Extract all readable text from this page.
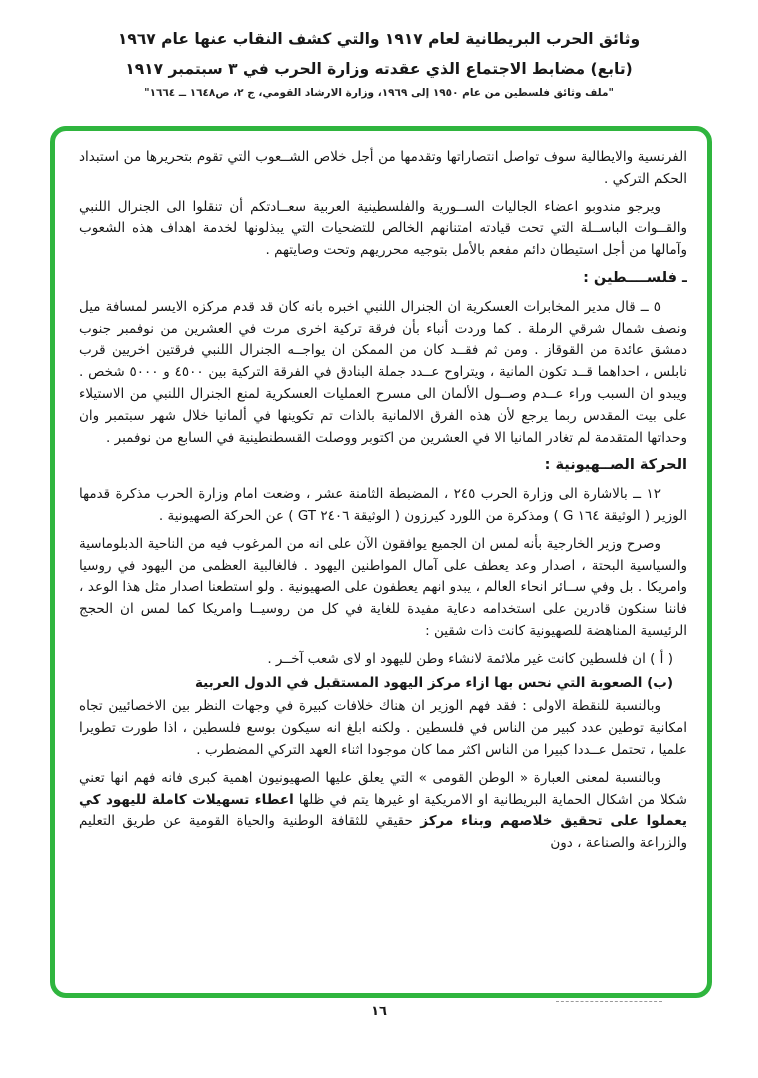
وثائق الحرب البريطانية لعام ١٩١٧ والتي كشف النقاب عنها عام ١٩٦٧
(تابع) مضابط الاجتماع الذي عقدته وزارة الحرب في ٣ سبتمبر ١٩١٧
"ملف وثائق فلسطين من عام ١٩٥٠ إلى ١٩٦٩، وزارة الارشاد القومي، ج ٢، ص١٦٤٨ ــ ١٦٦٤"

الفرنسية والايطالية سوف تواصل انتصاراتها وتقدمها من أجل خلاص الشــعوب التي تقوم بتحريرها من استبداد الحكم التركي .

ويرجو مندوبو اعضاء الجاليات الســورية والفلسطينية العربية سعــادتكم أن تنقلوا الى الجنرال اللنبي والقــوات الباســلة التي تحت قيادته امتنانهم الخالص للتضحيات التي يبذلونها لخدمة اهداف هذه الشعوب وآمالها من أجل استيطان دائم مفعم بالأمل بتوجيه محرريهم وتحت وصايتهم .

ـ فلســــطين :

٥ ــ قال مدير المخابرات العسكرية ان الجنرال اللنبي اخبره بانه كان قد قدم مركزه الايسر لمسافة ميل ونصف شمال شرقي الرملة . كما وردت أنباء بأن فرقة تركية اخرى مرت في العشرين من نوفمبر جنوب دمشق عائدة من القوقاز . ومن ثم فقــد كان من الممكن ان يواجــه الجنرال اللنبي فرقتين اخريين قرب نابلس ، احداهما قــد تكون المانية ، ويتراوح عــدد جملة البنادق في الفرقة التركية بين ٤٥٠٠ و ٥٠٠٠ شخص . ويبدو ان السبب وراء عــدم وصــول الألمان الى مسرح العمليات العسكرية لمنع الجنرال اللنبي من الاستيلاء على بيت المقدس ربما يرجع لأن هذه الفرق الالمانية بالذات تم تكوينها في ألمانيا خلال شهر سبتمبر وان وحداتها المتقدمة لم تغادر المانيا الا في العشرين من اكتوبر ووصلت القسطنطينية في السابع من نوفمبر .

الحركة الصــهيونية :

١٢ ــ بالاشارة الى وزارة الحرب ٢٤٥ ، المضبطة الثامنة عشر ، وضعت امام وزارة الحرب مذكرة قدمها الوزير ( الوثيقة ١٦٤ G ) ومذكرة من اللورد كيرزون ( الوثيقة ٢٤٠٦ GT ) عن الحركة الصهيونية .

وصرح وزير الخارجية بأنه لمس ان الجميع يوافقون الآن على انه من المرغوب فيه من الناحية الدبلوماسية والسياسية البحتة ، اصدار وعد يعطف على آمال المواطنين اليهود . فالغالبية العظمى من اليهود في روسيا وامريكا . بل وفي ســائر انحاء العالم ، يبدو انهم يعطفون على الصهيونية . ولو استطعنا اصدار مثل هذا الوعد ، فاننا سنكون قادرين على استخدامه دعاية مفيدة للغاية في كل من روسيــا وامريكا كما لمس ان الحجج الرئيسية المناهضة للصهيونية كانت ذات شقين :

( أ ) ان فلسطين كانت غير ملائمة لانشاء وطن لليهود او لاى شعب آخــر .

(ب) الصعوبة التي نحس بها ازاء مركز اليهود المستقبل في الدول العربية

وبالنسبة للنقطة الاولى : فقد فهم الوزير ان هناك خلافات كبيرة في وجهات النظر بين الاخصائيين تجاه امكانية توطين عدد كبير من الناس في فلسطين . ولكنه ابلغ انه سيكون بوسع فلسطين ، اذا طورت تطويرا علميا ، تحتمل عــددا كبيرا من الناس اكثر مما كان موجودا اثناء العهد التركي المضطرب .

وبالنسبة لمعنى العبارة « الوطن القومى » التي يعلق عليها الصهيونيون اهمية كبرى فانه فهم انها تعني شكلا من اشكال الحماية البريطانية او الامريكية او غيرها يتم في ظلها اعطاء تسهيلات كاملة لليهود كي يعملوا على تحقيق خلاصهم وبناء مركز حقيقي للثقافة الوطنية والحياة القومية عن طريق التعليم والزراعة والصناعة ، دون

١٦
